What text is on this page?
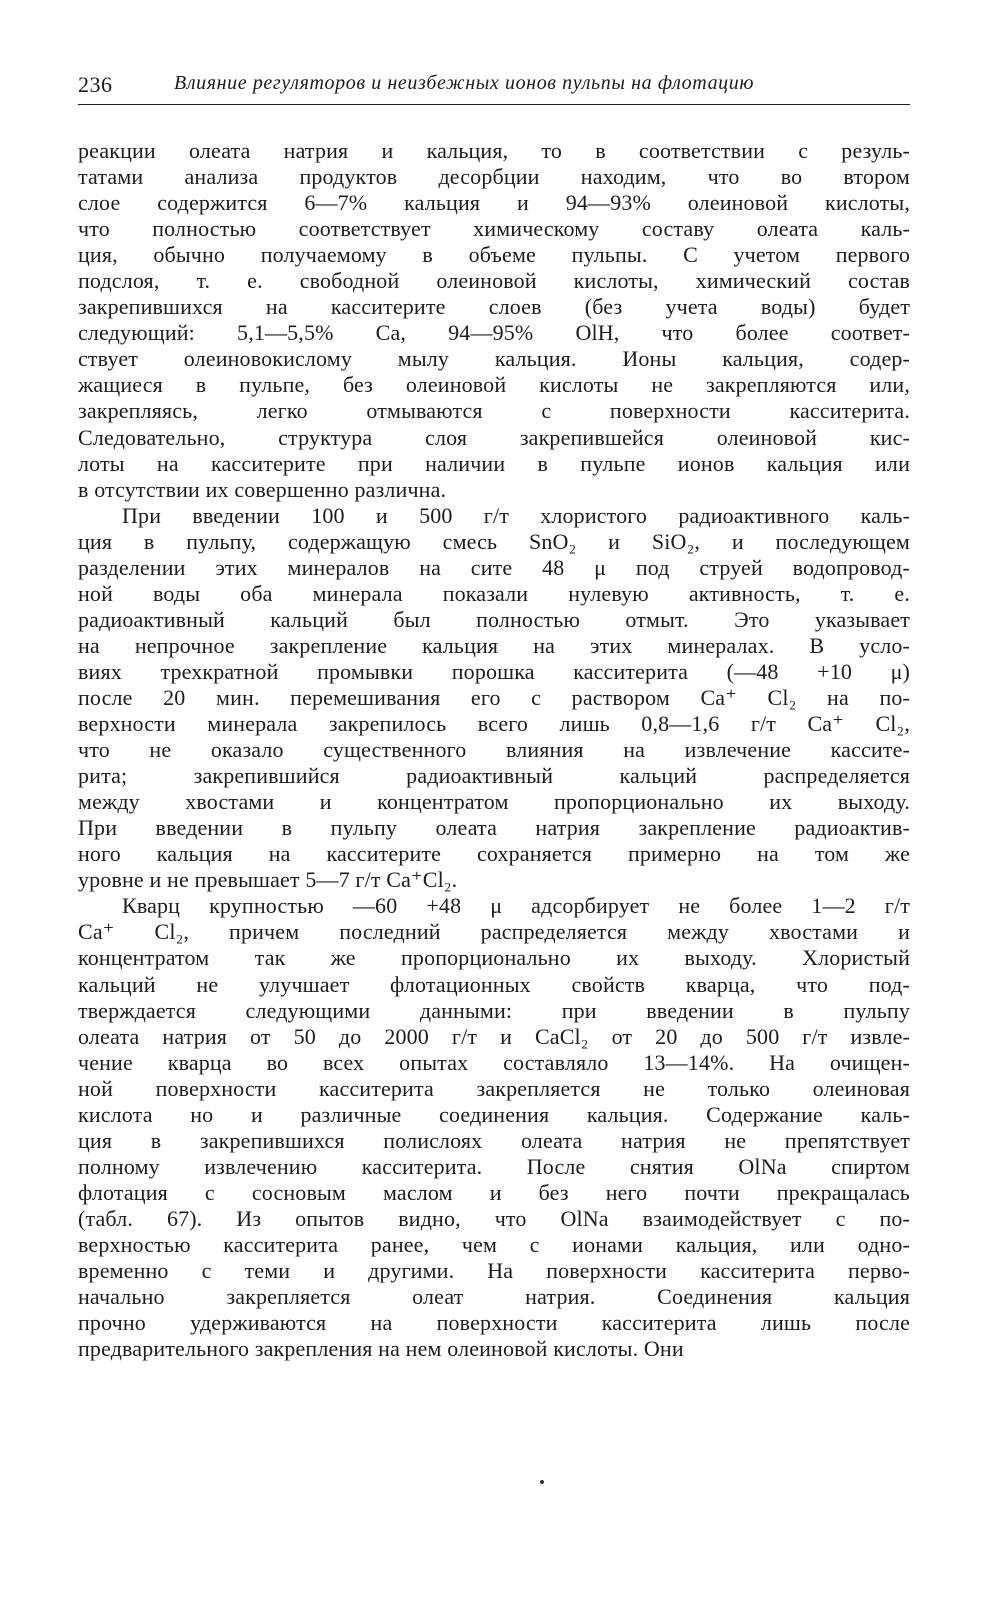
236	Влияние регуляторов и неизбежных ионов пульпы на флотацию

реакции олеата натрия и кальция, то в соответствии с резуль-
татами анализа продуктов десорбции находим, что во втором
слое содержится 6—7% кальция и 94—93% олеиновой кислоты,
что полностью соответствует химическому составу олеата каль-
ция, обычно получаемому в объеме пульпы. С учетом первого
подслоя, т. е. свободной олеиновой кислоты, химический состав
закрепившихся на касситерите слоев (без учета воды) будет
следующий: 5,1—5,5% Ca, 94—95% OlH, что более соответ-
ствует олеиновокислому мылу кальция. Ионы кальция, содер-
жащиеся в пульпе, без олеиновой кислоты не закрепляются или,
закрепляясь, легко отмываются с поверхности касситерита.
Следовательно, структура слоя закрепившейся олеиновой кис-
лоты на касситерите при наличии в пульпе ионов кальция или
в отсутствии их совершенно различна.

При введении 100 и 500 г/т хлористого радиоактивного каль-
ция в пульпу, содержащую смесь SnO₂ и SiO₂, и последующем
разделении этих минералов на сите 48 μ под струей водопровод-
ной воды оба минерала показали нулевую активность, т. е.
радиоактивный кальций был полностью отмыт. Это указывает
на непрочное закрепление кальция на этих минералах. В усло-
виях трехкратной промывки порошка касситерита (—48 +10 μ)
после 20 мин. перемешивания его с раствором Ca⁺ Cl₂ на по-
верхности минерала закрепилось всего лишь 0,8—1,6 г/т Ca⁺ Cl₂,
что не оказало существенного влияния на извлечение кассите-
рита; закрепившийся радиоактивный кальций распределяется
между хвостами и концентратом пропорционально их выходу.
При введении в пульпу олеата натрия закрепление радиоактив-
ного кальция на касситерите сохраняется примерно на том же
уровне и не превышает 5—7 г/т Ca⁺Cl₂.

Кварц крупностью —60 +48 μ адсорбирует не более 1—2 г/т
Ca⁺ Cl₂, причем последний распределяется между хвостами и
концентратом так же пропорционально их выходу. Хлористый
кальций не улучшает флотационных свойств кварца, что под-
тверждается следующими данными: при введении в пульпу
олеата натрия от 50 до 2000 г/т и CaCl₂ от 20 до 500 г/т извле-
чение кварца во всех опытах составляло 13—14%. На очищен-
ной поверхности касситерита закрепляется не только олеиновая
кислота но и различные соединения кальция. Содержание каль-
ция в закрепившихся полислоях олеата натрия не препятствует
полному извлечению касситерита. После снятия OlNa спиртом
флотация с сосновым маслом и без него почти прекращалась
(табл. 67). Из опытов видно, что OlNa взаимодействует с по-
верхностью касситерита ранее, чем с ионами кальция, или одно-
временно с теми и другими. На поверхности касситерита перво-
начально закрепляется олеат натрия. Соединения кальция
прочно удерживаются на поверхности касситерита лишь после
предварительного закрепления на нем олеиновой кислоты. Они
